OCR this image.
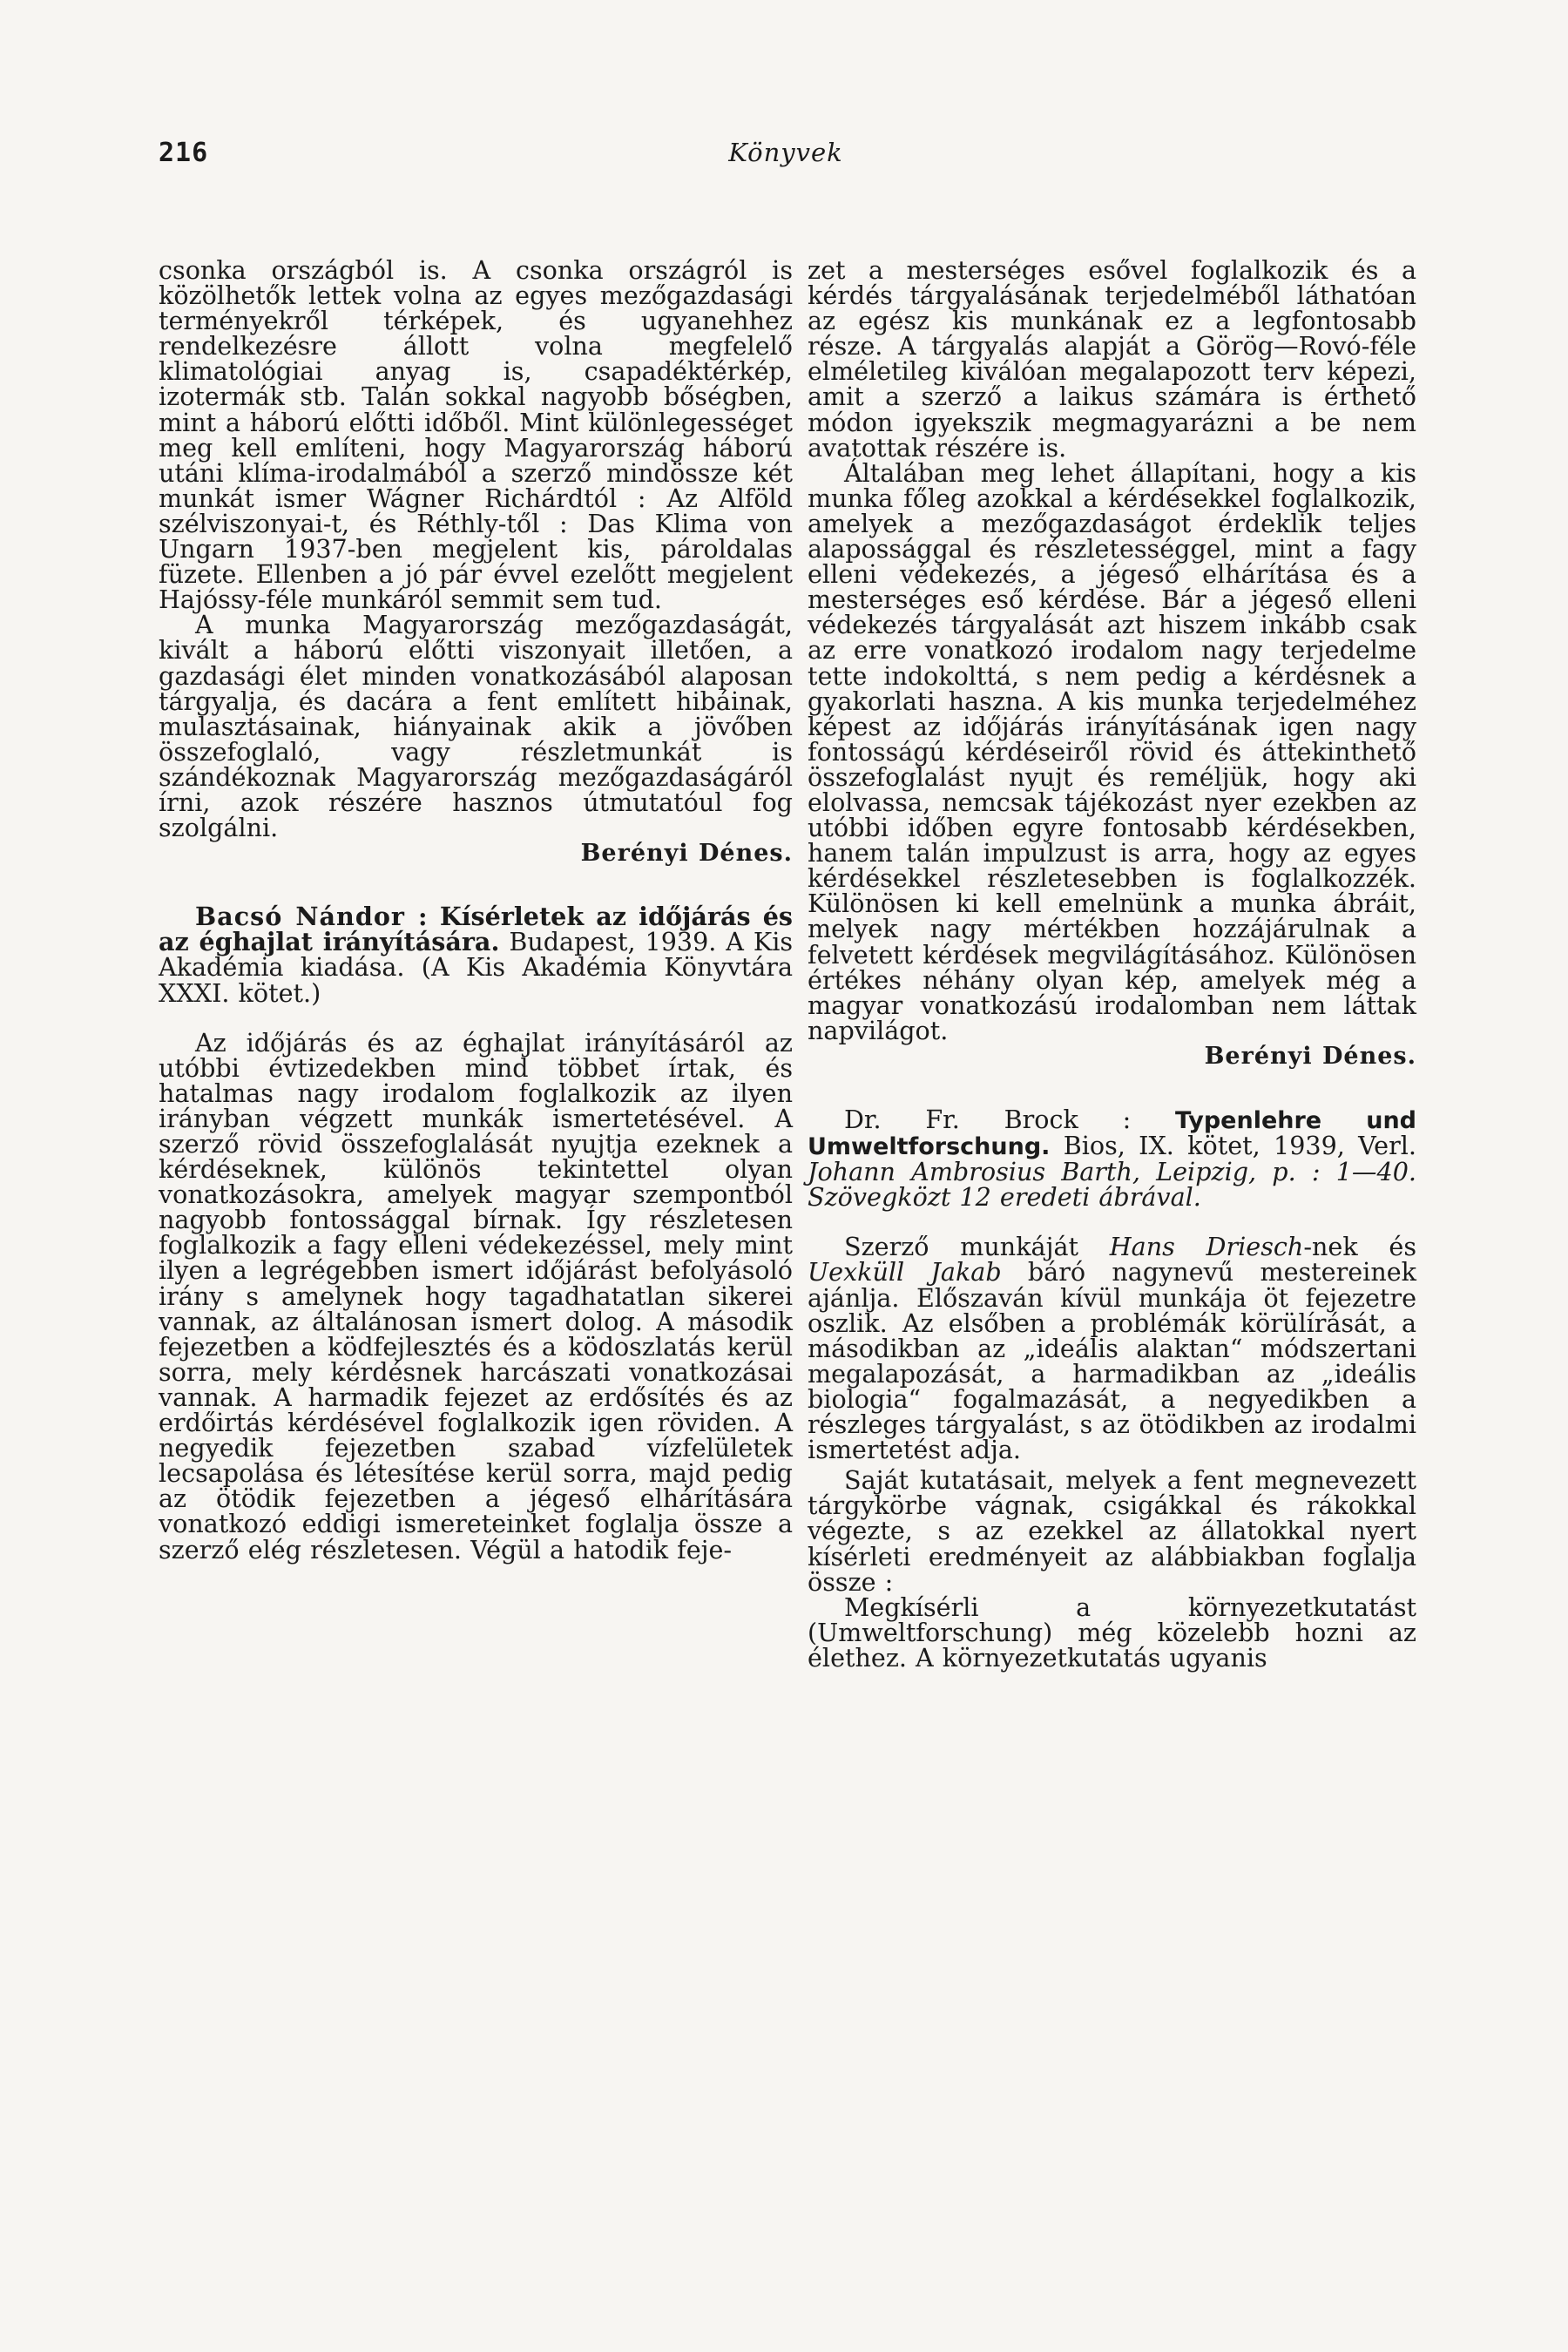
216	Könyvek

csonka országból is. A csonka országról is közölhetők lettek volna az egyes mezőgazdasági terményekről térképek, és ugyanehhez rendelkezésre állott volna megfelelő klimatológiai anyag is, csapadéktérkép, izotermák stb. Talán sokkal nagyobb bőségben, mint a háború előtti időből. Mint különlegességet meg kell említeni, hogy Magyarország háború utáni klíma-irodalmából a szerző mindössze két munkát ismer Wágner Richárdtól : Az Alföld szélviszonyai-t, és Réthly-től : Das Klima von Ungarn 1937-ben megjelent kis, pároldalas füzete. Ellenben a jó pár évvel ezelőtt megjelent Hajóssy-féle munkáról semmit sem tud.

A munka Magyarország mezőgazdaságát, kivált a háború előtti viszonyait illetően, a gazdasági élet minden vonatkozásából alaposan tárgyalja, és dacára a fent említett hibáinak, mulasztásainak, hiányainak akik a jövőben összefoglaló, vagy részletmunkát is szándékoznak Magyarország mezőgazdaságáról írni, azok részére hasznos útmutatóul fog szolgálni.

Berényi Dénes.

Bacsó Nándor : Kísérletek az időjárás és az éghajlat irányítására. Budapest, 1939. A Kis Akadémia kiadása. (A Kis Akadémia Könyvtára XXXI. kötet.)

Az időjárás és az éghajlat irányításáról az utóbbi évtizedekben mind többet írtak, és hatalmas nagy irodalom foglalkozik az ilyen irányban végzett munkák ismertetésével. A szerző rövid összefoglalását nyujtja ezeknek a kérdéseknek, különös tekintettel olyan vonatkozásokra, amelyek magyar szempontból nagyobb fontossággal bírnak. Így részletesen foglalkozik a fagy elleni védekezéssel, mely mint ilyen a legrégebben ismert időjárást befolyásoló irány s amelynek hogy tagadhatatlan sikerei vannak, az általánosan ismert dolog. A második fejezetben a ködfejlesztés és a ködoszlatás kerül sorra, mely kérdésnek harcászati vonatkozásai vannak. A harmadik fejezet az erdősítés és az erdőirtás kérdésével foglalkozik igen röviden. A negyedik fejezetben szabad vízfelületek lecsapolása és létesítése kerül sorra, majd pedig az ötödik fejezetben a jégeső elhárítására vonatkozó eddigi ismereteinket foglalja össze a szerző elég részletesen. Végül a hatodik feje-

zet a mesterséges esővel foglalkozik és a kérdés tárgyalásának terjedelméből láthatóan az egész kis munkának ez a legfontosabb része. A tárgyalás alapját a Görög—Rovó-féle elméletileg kiválóan megalapozott terv képezi, amit a szerző a laikus számára is érthető módon igyekszik megmagyarázni a be nem avatottak részére is.

Általában meg lehet állapítani, hogy a kis munka főleg azokkal a kérdésekkel foglalkozik, amelyek a mezőgazdaságot érdeklik teljes alapossággal és részletességgel, mint a fagy elleni védekezés, a jégeső elhárítása és a mesterséges eső kérdése. Bár a jégeső elleni védekezés tárgyalását azt hiszem inkább csak az erre vonatkozó irodalom nagy terjedelme tette indokolttá, s nem pedig a kérdésnek a gyakorlati haszna. A kis munka terjedelméhez képest az időjárás irányításának igen nagy fontosságú kérdéseiről rövid és áttekinthető összefoglalást nyujt és reméljük, hogy aki elolvassa, nemcsak tájékozást nyer ezekben az utóbbi időben egyre fontosabb kérdésekben, hanem talán impulzust is arra, hogy az egyes kérdésekkel részletesebben is foglalkozzék. Különösen ki kell emelnünk a munka ábráit, melyek nagy mértékben hozzájárulnak a felvetett kérdések megvilágításához. Különösen értékes néhány olyan kép, amelyek még a magyar vonatkozású irodalomban nem láttak napvilágot.

Berényi Dénes.

Dr. Fr. Brock : Typenlehre und Umweltforschung. Bios, IX. kötet, 1939, Verl. Johann Ambrosius Barth, Leipzig, p. : 1—40. Szövegközt 12 eredeti ábrával.

Szerző munkáját Hans Driesch-nek és Uexküll Jakab báró nagynevű mestereinek ajánlja. Előszaván kívül munkája öt fejezetre oszlik. Az elsőben a problémák körülírását, a másodikban az „ideális alaktan“ módszertani megalapozását, a harmadikban az „ideális biologia“ fogalmazását, a negyedikben a részleges tárgyalást, s az ötödikben az irodalmi ismertetést adja.

Saját kutatásait, melyek a fent megnevezett tárgykörbe vágnak, csigákkal és rákokkal végezte, s az ezekkel az állatokkal nyert kísérleti eredményeit az alábbiakban foglalja össze :

Megkísérli a környezetkutatást (Umweltforschung) még közelebb hozni az élethez. A környezetkutatás ugyanis
